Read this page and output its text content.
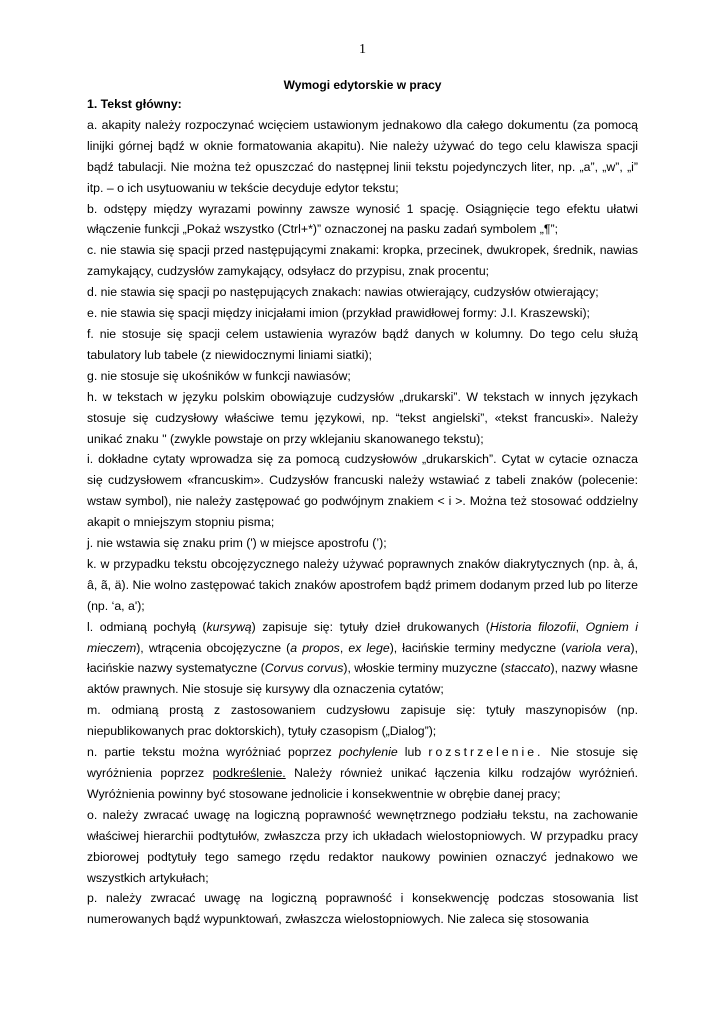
1
Wymogi edytorskie w pracy
1. Tekst główny:

a. akapity należy rozpoczynać wcięciem ustawionym jednakowo dla całego dokumentu (za pomocą linijki górnej bądź w oknie formatowania akapitu). Nie należy używać do tego celu klawisza spacji bądź tabulacji. Nie można też opuszczać do następnej linii tekstu pojedynczych liter, np. „a”, „w”, „i” itp. – o ich usytuowaniu w tekście decyduje edytor tekstu;

b. odstępy między wyrazami powinny zawsze wynosić 1 spację. Osiągnięcie tego efektu ułatwi włączenie funkcji „Pokaż wszystko (Ctrl+*)” oznaczonej na pasku zadań symbolem „¶”;

c. nie stawia się spacji przed następującymi znakami: kropka, przecinek, dwukropek, średnik, nawias zamykający, cudzysłów zamykający, odsyłacz do przypisu, znak procentu;

d. nie stawia się spacji po następujących znakach: nawias otwierający, cudzysłów otwierający;

e. nie stawia się spacji między inicjałami imion (przykład prawidłowej formy: J.I. Kraszewski);

f. nie stosuje się spacji celem ustawienia wyrazów bądź danych w kolumny. Do tego celu służą tabulatory lub tabele (z niewidocznymi liniami siatki);

g. nie stosuje się ukośników w funkcji nawiasów;

h. w tekstach w języku polskim obowiązuje cudzysłów „drukarski”. W tekstach w innych językach stosuje się cudzysłowy właściwe temu językowi, np. “tekst angielski”, «tekst francuski». Należy unikać znaku " (zwykle powstaje on przy wklejaniu skanowanego tekstu);

i. dokładne cytaty wprowadza się za pomocą cudzysłowów „drukarskich”. Cytat w cytacie oznacza się cudzysłowem «francuskim». Cudzysłów francuski należy wstawiać z tabeli znaków (polecenie: wstaw symbol), nie należy zastępować go podwójnym znakiem < i >. Można też stosować oddzielny akapit o mniejszym stopniu pisma;

j. nie wstawia się znaku prim (') w miejsce apostrofu (’);

k. w przypadku tekstu obcojęzycznego należy używać poprawnych znaków diakrytycznych (np. à, á, â, ã, ä). Nie wolno zastępować takich znaków apostrofem bądź primem dodanym przed lub po literze (np. ‘a, a');

l. odmianą pochyłą (kursywą) zapisuje się: tytuły dzieł drukowanych (Historia filozofii, Ogniem i mieczem), wtrącenia obcojęzyczne (a propos, ex lege), łacińskie terminy medyczne (variola vera), łacińskie nazwy systematyczne (Corvus corvus), włoskie terminy muzyczne (staccato), nazwy własne aktów prawnych. Nie stosuje się kursywy dla oznaczenia cytatów;

m. odmianą prostą z zastosowaniem cudzysłowu zapisuje się: tytuły maszynopisów (np. niepublikowanych prac doktorskich), tytuły czasopism („Dialog”);

n. partie tekstu można wyróżniać poprzez pochylenie lub rozstrzelenie. Nie stosuje się wyróżnienia poprzez podkreślenie. Należy również unikać łączenia kilku rodzajów wyróżnień. Wyróżnienia powinny być stosowane jednolicie i konsekwentnie w obrębie danej pracy;

o. należy zwracać uwagę na logiczną poprawność wewnętrznego podziału tekstu, na zachowanie właściwej hierarchii podtytułów, zwłaszcza przy ich układach wielostopniowych. W przypadku pracy zbiorowej podtytuły tego samego rzędu redaktor naukowy powinien oznaczyć jednakowo we wszystkich artykułach;

p. należy zwracać uwagę na logiczną poprawność i konsekwencję podczas stosowania list numerowanych bądź wypunktowań, zwłaszcza wielostopniowych. Nie zaleca się stosowania
